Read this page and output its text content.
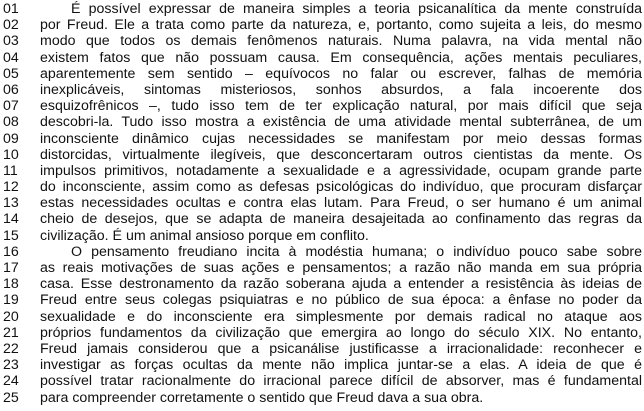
01	É possível expressar de maneira simples a teoria psicanalítica da mente construída
02	por Freud. Ele a trata como parte da natureza, e, portanto, como sujeita a leis, do mesmo
03	modo que todos os demais fenômenos naturais. Numa palavra, na vida mental não
04	existem fatos que não possuam causa. Em consequência, ações mentais peculiares,
05	aparentemente sem sentido – equívocos no falar ou escrever, falhas de memória
06	inexplicáveis, sintomas misteriosos, sonhos absurdos, a fala incoerente dos
07	esquizofrênicos –, tudo isso tem de ter explicação natural, por mais difícil que seja
08	descobri-la. Tudo isso mostra a existência de uma atividade mental subterrânea, de um
09	inconsciente dinâmico cujas necessidades se manifestam por meio dessas formas
10	distorcidas, virtualmente ilegíveis, que desconcertaram outros cientistas da mente. Os
11	impulsos primitivos, notadamente a sexualidade e a agressividade, ocupam grande parte
12	do inconsciente, assim como as defesas psicológicas do indivíduo, que procuram disfarçar
13	estas necessidades ocultas e contra elas lutam. Para Freud, o ser humano é um animal
14	cheio de desejos, que se adapta de maneira desajeitada ao confinamento das regras da
15	civilização. É um animal ansioso porque em conflito.
16	O pensamento freudiano incita à modéstia humana; o indivíduo pouco sabe sobre
17	as reais motivações de suas ações e pensamentos; a razão não manda em sua própria
18	casa. Esse destronamento da razão soberana ajuda a entender a resistência às ideias de
19	Freud entre seus colegas psiquiatras e no público de sua época: a ênfase no poder da
20	sexualidade e do inconsciente era simplesmente por demais radical no ataque aos
21	próprios fundamentos da civilização que emergira ao longo do século XIX. No entanto,
22	Freud jamais considerou que a psicanálise justificasse a irracionalidade: reconhecer e
23	investigar as forças ocultas da mente não implica juntar-se a elas. A ideia de que é
24	possível tratar racionalmente do irracional parece difícil de absorver, mas é fundamental
25	para compreender corretamente o sentido que Freud dava a sua obra.
